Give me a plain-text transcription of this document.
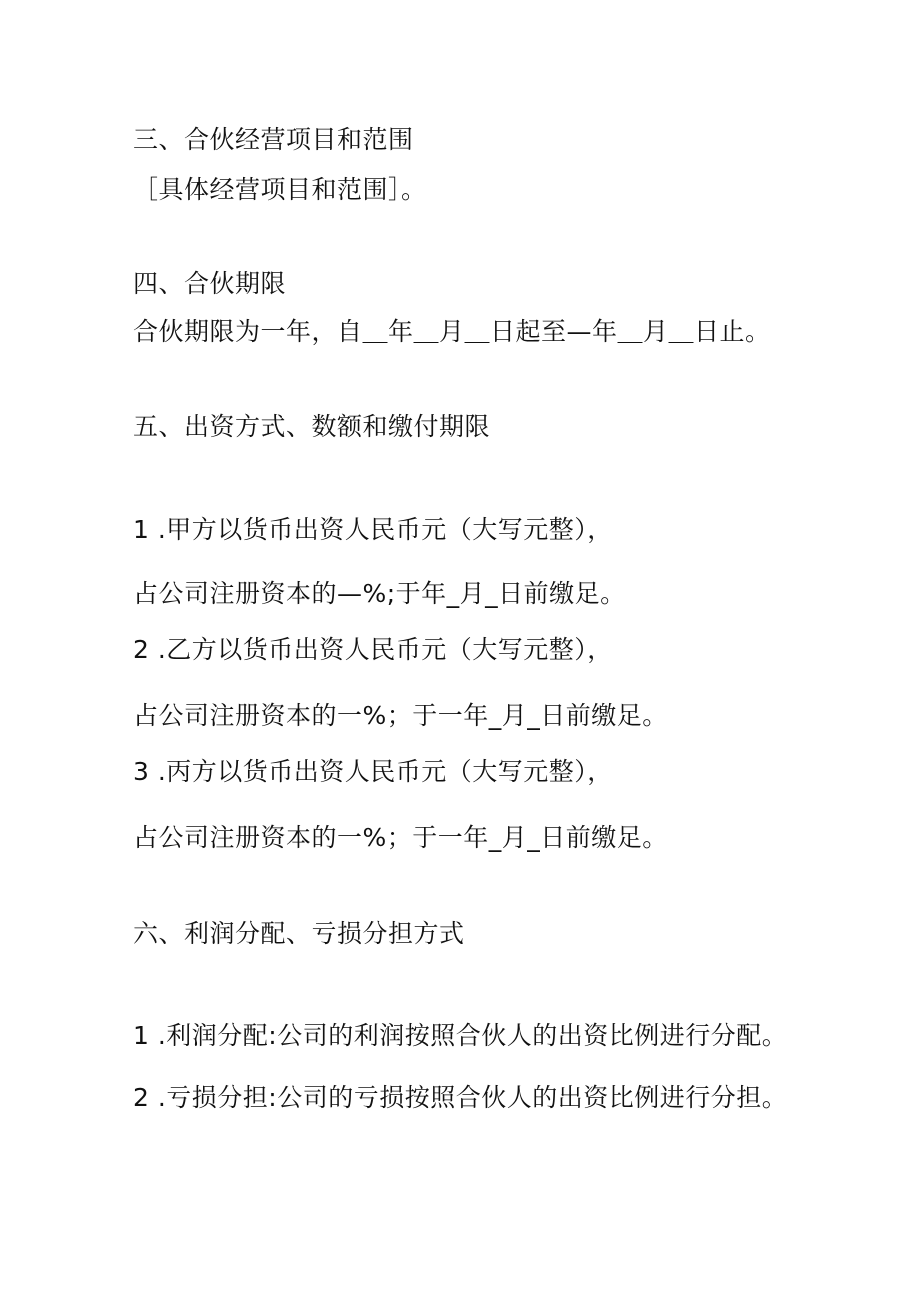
三、合伙经营项目和范围
［具体经营项目和范围］。
四、合伙期限
合伙期限为一年，自＿年＿月＿日起至—年＿月＿日止。
五、出资方式、数额和缴付期限
1 .甲方以货币出资人民币元（大写元整），
占公司注册资本的—%;于年_月_日前缴足。
2 .乙方以货币出资人民币元（大写元整），
占公司注册资本的一%；于一年_月_日前缴足。
3 .丙方以货币出资人民币元（大写元整），
占公司注册资本的一%；于一年_月_日前缴足。
六、利润分配、亏损分担方式
1 .利润分配:公司的利润按照合伙人的出资比例进行分配。
2 .亏损分担:公司的亏损按照合伙人的出资比例进行分担。
